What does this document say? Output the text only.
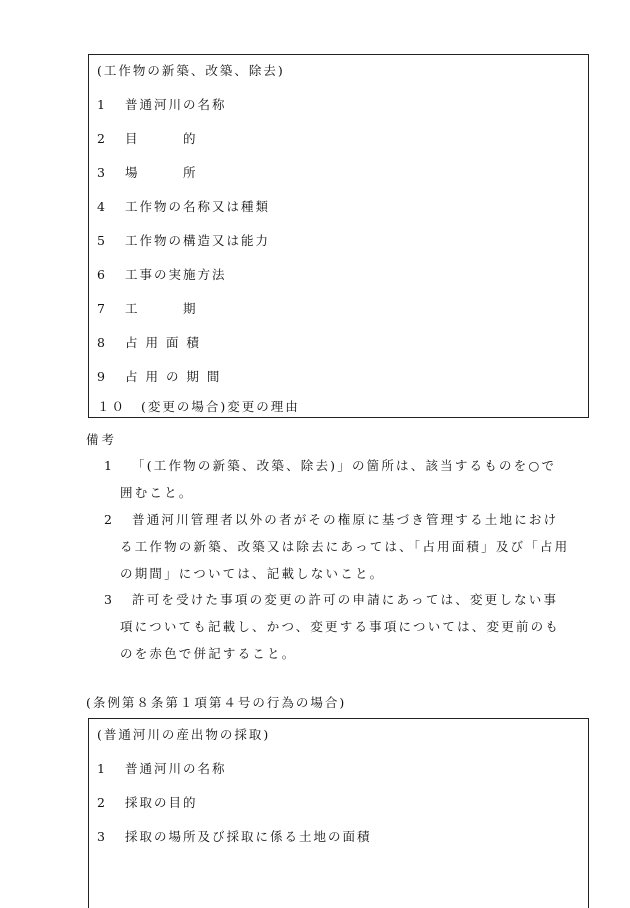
(工作物の新築、改築、除去)
1 普通河川の名称
2 目　　　的
3 場　　　所
4 工作物の名称又は種類
5 工作物の構造又は能力
6 工事の実施方法
7 工　　　期
8 占 用 面 積
9 占 用 の 期 間
１０ (変更の場合)変更の理由
備考
1 「(工作物の新築、改築、除去)」の箇所は、該当するものを○で
囲むこと。
2 普通河川管理者以外の者がその権原に基づき管理する土地におけ
る工作物の新築、改築又は除去にあっては、「占用面積」及び「占用
の期間」については、記載しないこと。
3 許可を受けた事項の変更の許可の申請にあっては、変更しない事
項についても記載し、かつ、変更する事項については、変更前のも
のを赤色で併記すること。
(条例第８条第１項第４号の行為の場合)
(普通河川の産出物の採取)
1 普通河川の名称
2 採取の目的
3 採取の場所及び採取に係る土地の面積
